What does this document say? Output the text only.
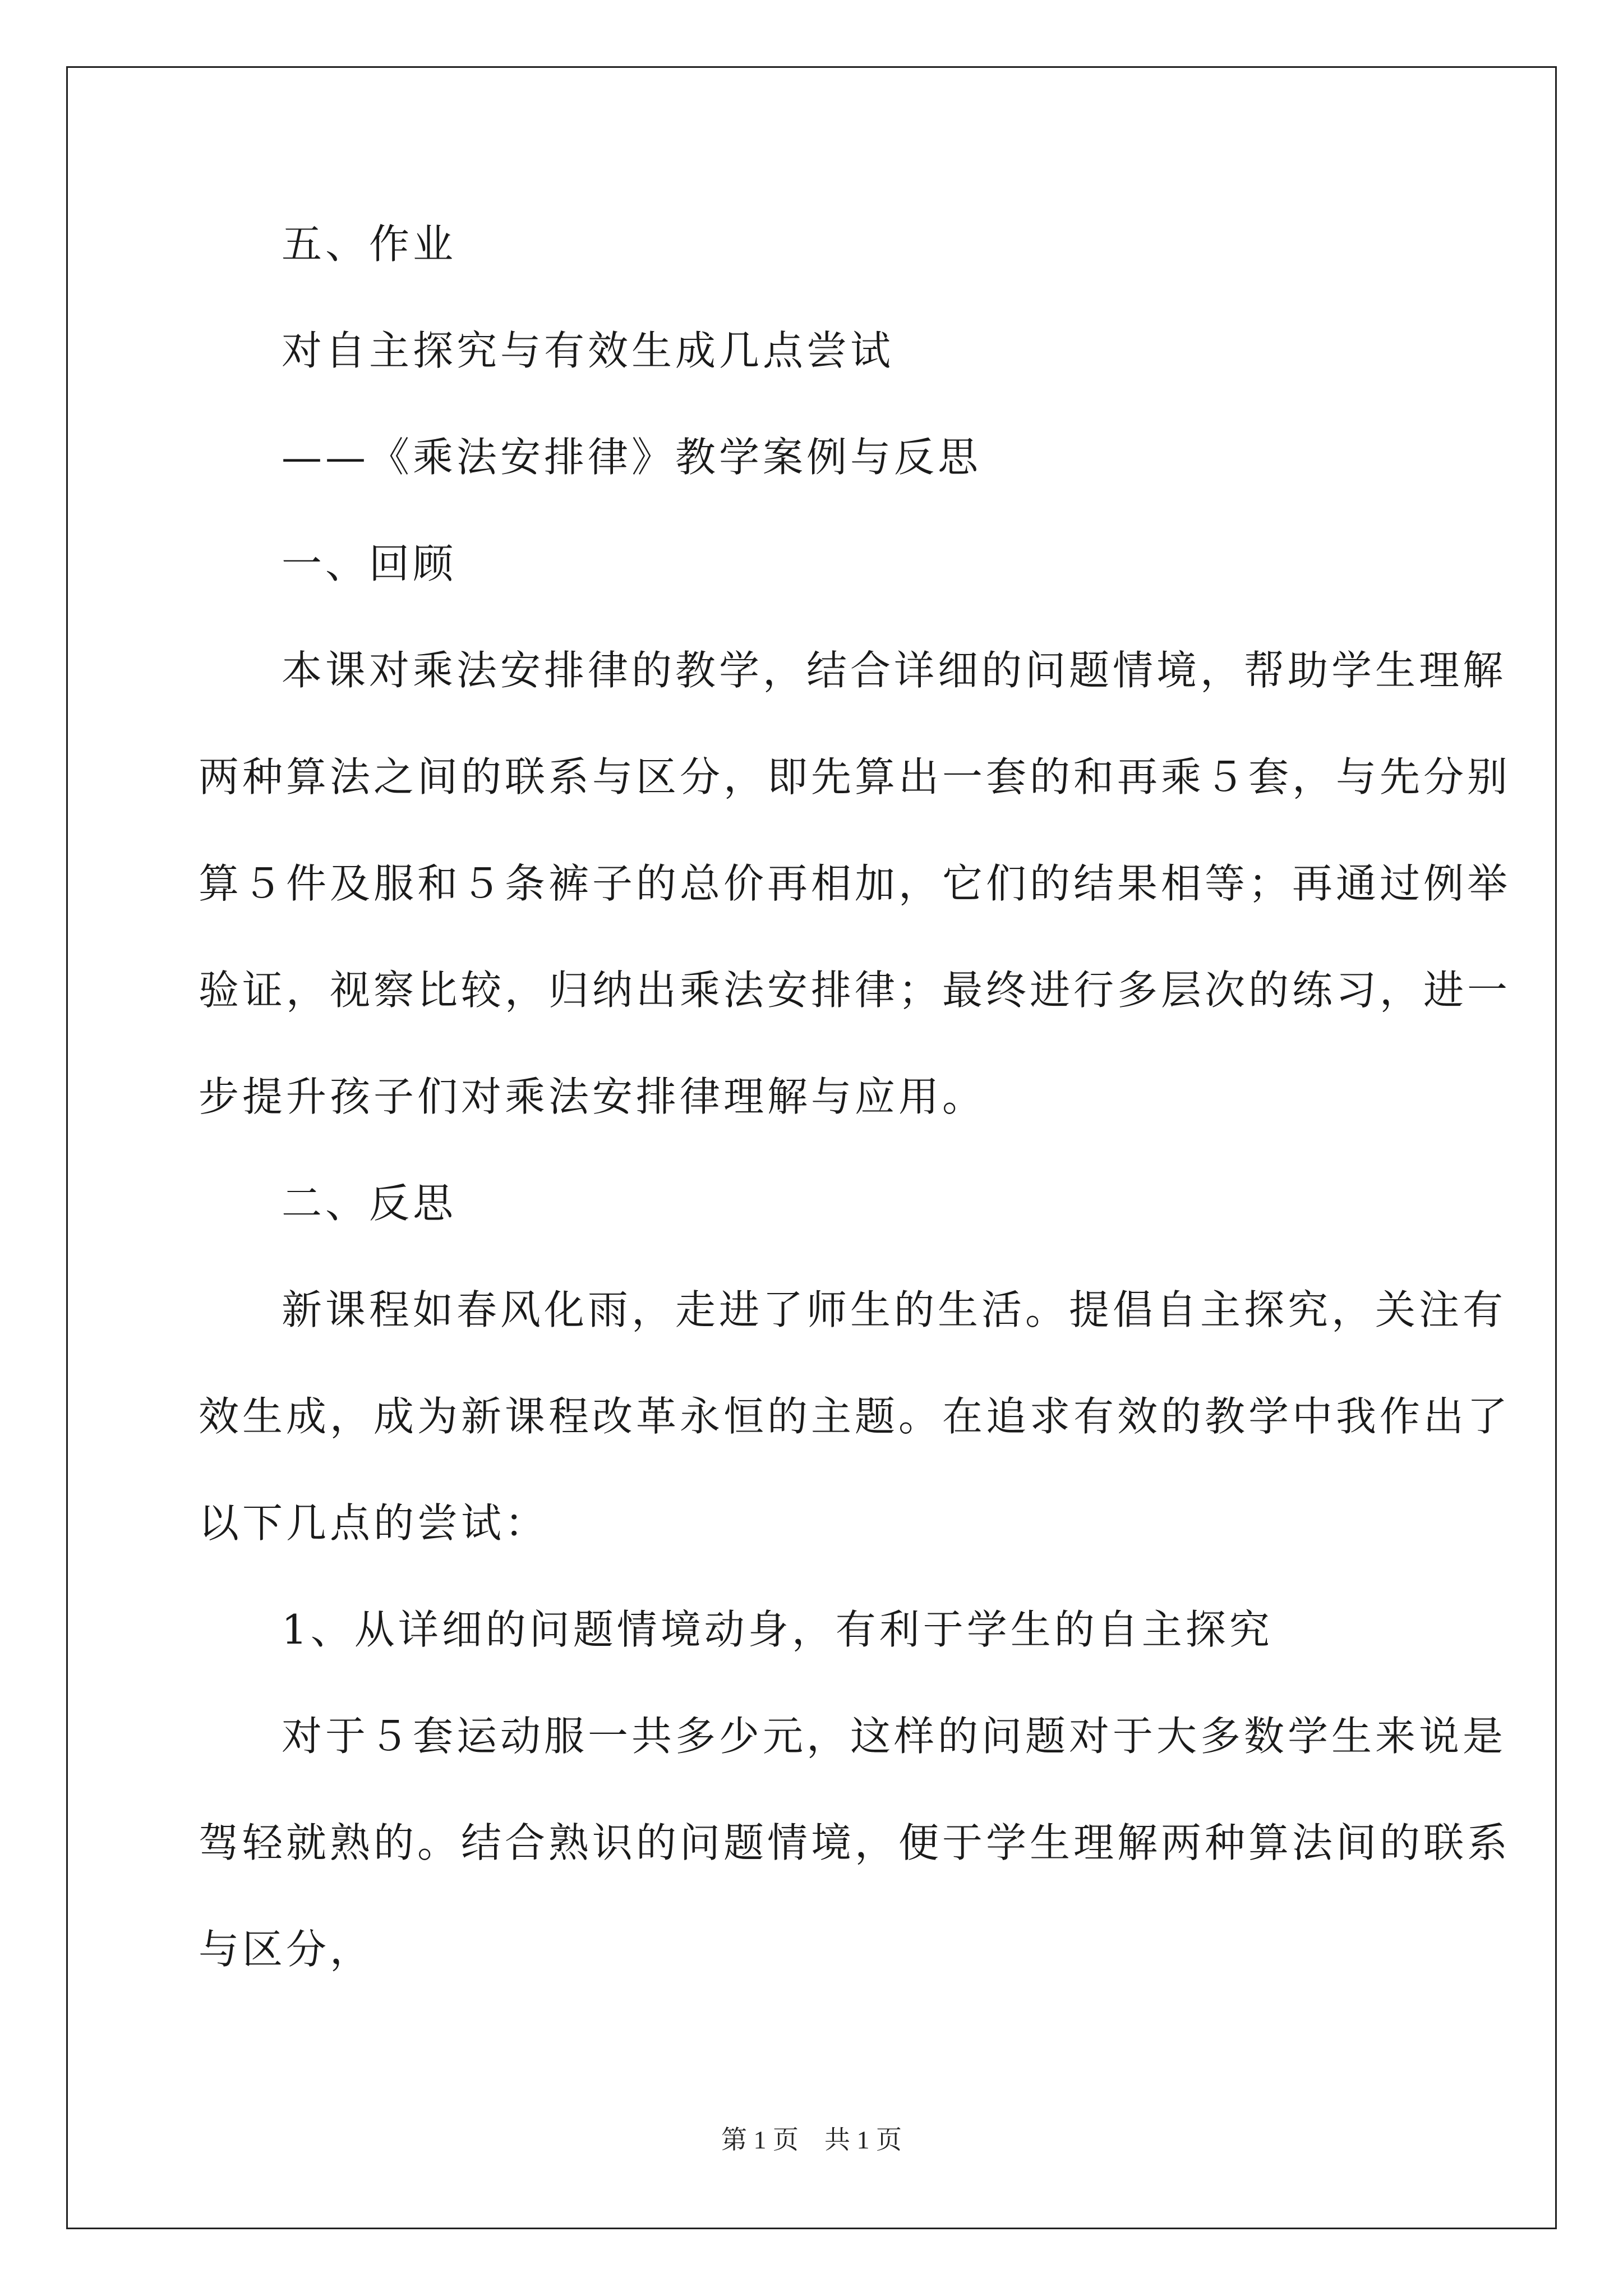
五、作业
对自主探究与有效生成几点尝试
——《乘法安排律》教学案例与反思
一、回顾
本课对乘法安排律的教学，结合详细的问题情境，帮助学生理解
两种算法之间的联系与区分，即先算出一套的和再乘５套，与先分别
算５件及服和５条裤子的总价再相加，它们的结果相等；再通过例举
验证，视察比较，归纳出乘法安排律；最终进行多层次的练习，进一
步提升孩子们对乘法安排律理解与应用。
二、反思
新课程如春风化雨，走进了师生的生活。提倡自主探究，关注有
效生成，成为新课程改革永恒的主题。在追求有效的教学中我作出了
以下几点的尝试：
1、从详细的问题情境动身，有利于学生的自主探究
对于５套运动服一共多少元，这样的问题对于大多数学生来说是
驾轻就熟的。结合熟识的问题情境，便于学生理解两种算法间的联系
与区分，
第 1 页    共 1 页
